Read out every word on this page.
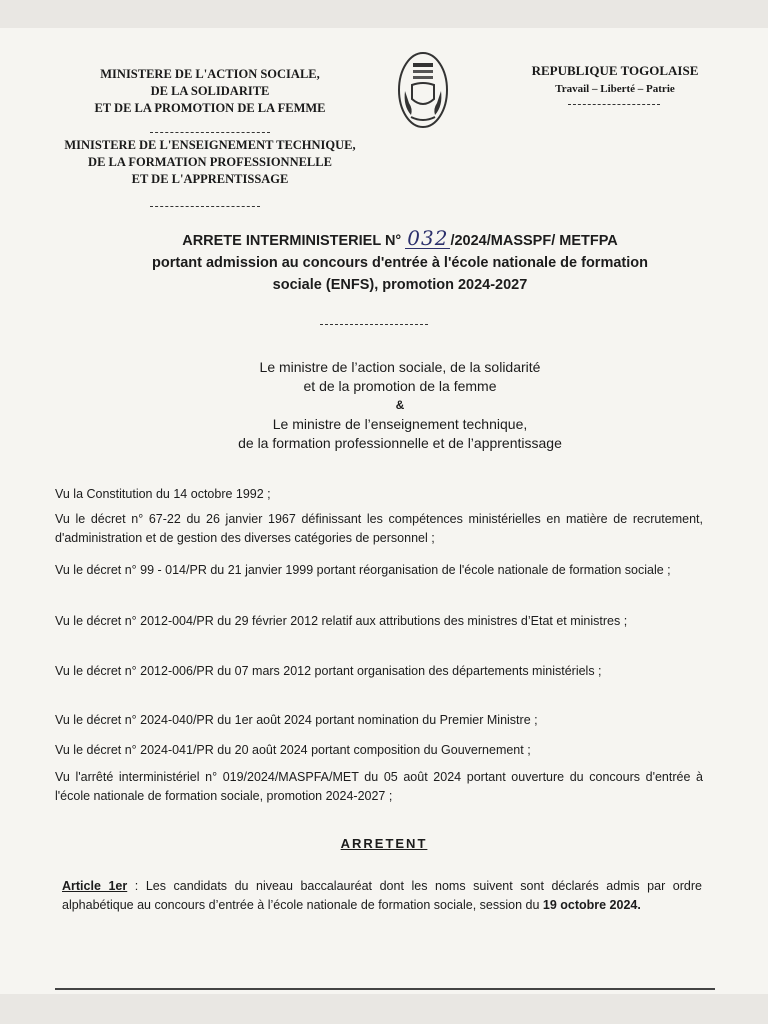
MINISTERE DE L'ACTION SOCIALE,
DE LA SOLIDARITE
ET DE LA PROMOTION DE LA FEMME
MINISTERE DE L'ENSEIGNEMENT TECHNIQUE,
DE LA FORMATION PROFESSIONNELLE
ET DE L'APPRENTISSAGE
REPUBLIQUE TOGOLAISE
Travail – Liberté – Patrie
ARRETE INTERMINISTERIEL N° 032 /2024/MASSPF/ METFPA
portant admission au concours d'entrée à l'école nationale de formation
sociale (ENFS), promotion 2024-2027
Le ministre de l’action sociale, de la solidarité
et de la promotion de la femme
&
Le ministre de l’enseignement technique,
de la formation professionnelle et de l’apprentissage
Vu la Constitution du 14 octobre 1992 ;
Vu le décret n° 67-22 du 26 janvier 1967 définissant les compétences ministérielles en matière de recrutement, d'administration et de gestion des diverses catégories de personnel ;
Vu le décret n° 99 - 014/PR du 21 janvier 1999 portant réorganisation de l'école nationale de formation sociale ;
Vu le décret n° 2012-004/PR du 29 février 2012 relatif aux attributions des ministres d’Etat et ministres ;
Vu le décret n° 2012-006/PR du 07 mars 2012 portant organisation des départements ministériels ;
Vu le décret n° 2024-040/PR du 1er août 2024 portant nomination du Premier Ministre ;
Vu le décret n° 2024-041/PR du 20 août 2024 portant composition du Gouvernement ;
Vu l'arrêté interministériel n° 019/2024/MASPFA/MET du 05 août 2024 portant ouverture du concours d'entrée à l'école nationale de formation sociale, promotion 2024-2027 ;
ARRETENT
Article 1er : Les candidats du niveau baccalauréat dont les noms suivent sont déclarés admis par ordre alphabétique au concours d’entrée à l’école nationale de formation sociale, session du 19 octobre 2024.
